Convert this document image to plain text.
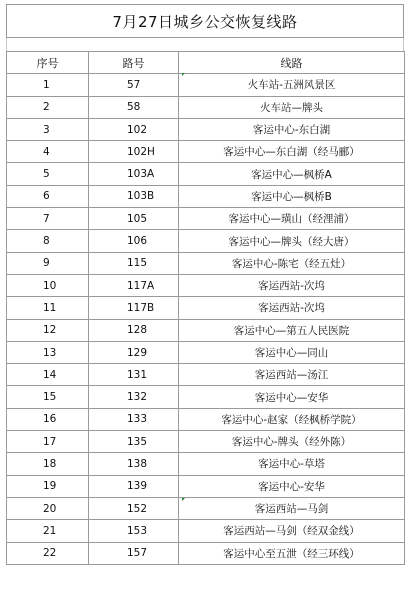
7月27日城乡公交恢复线路
序号	路号	线路
1	57	火车站-五洲风景区
2	58	火车站—牌头
3	102	客运中心-东白湖
4	102H	客运中心—东白湖（经马郦）
5	103A	客运中心—枫桥A
6	103B	客运中心—枫桥B
7	105	客运中心—璜山（经浬浦）
8	106	客运中心—牌头（经大唐）
9	115	客运中心-陈宅（经五灶）
10	117A	客运西站-次坞
11	117B	客运西站-次坞
12	128	客运中心—第五人民医院
13	129	客运中心—同山
14	131	客运西站—汤江
15	132	客运中心—安华
16	133	客运中心-赵家（经枫桥学院）
17	135	客运中心-牌头（经外陈）
18	138	客运中心-草塔
19	139	客运中心-安华
20	152	客运西站—马剑
21	153	客运西站—马剑（经双金线）
22	157	客运中心至五泄（经三环线）
